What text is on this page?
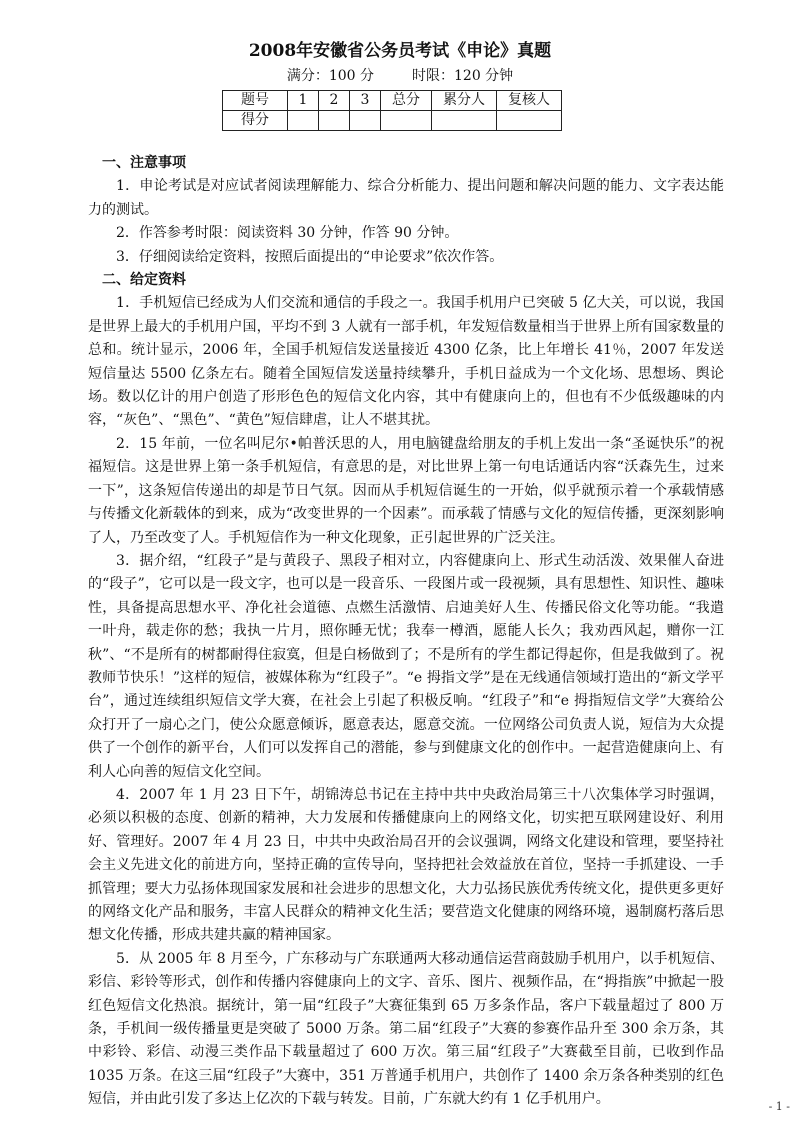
2008年安徽省公务员考试《申论》真题
满分：100 分	时限：120 分钟
题号	1	2	3	总分	累分人	复核人
得分						
一、注意事项

1．申论考试是对应试者阅读理解能力、综合分析能力、提出问题和解决问题的能力、文字表达能力的测试。

2．作答参考时限：阅读资料 30 分钟，作答 90 分钟。

3．仔细阅读给定资料，按照后面提出的“申论要求”依次作答。

二、给定资料

1．手机短信已经成为人们交流和通信的手段之一。我国手机用户已突破 5 亿大关，可以说，我国是世界上最大的手机用户国，平均不到 3 人就有一部手机，年发短信数量相当于世界上所有国家数量的总和。统计显示，2006 年，全国手机短信发送量接近 4300 亿条，比上年增长 41％，2007 年发送短信量达 5500 亿条左右。随着全国短信发送量持续攀升，手机日益成为一个文化场、思想场、舆论场。数以亿计的用户创造了形形色色的短信文化内容，其中有健康向上的，但也有不少低级趣味的内容，“灰色”、“黑色”、“黄色”短信肆虐，让人不堪其扰。

2．15 年前，一位名叫尼尔•帕普沃思的人，用电脑键盘给朋友的手机上发出一条“圣诞快乐”的祝福短信。这是世界上第一条手机短信，有意思的是，对比世界上第一句电话通话内容“沃森先生，过来一下”，这条短信传递出的却是节日气氛。因而从手机短信诞生的一开始，似乎就预示着一个承载情感与传播文化新载体的到来，成为“改变世界的一个因素”。而承载了情感与文化的短信传播，更深刻影响了人，乃至改变了人。手机短信作为一种文化现象，正引起世界的广泛关注。

3．据介绍，“红段子”是与黄段子、黑段子相对立，内容健康向上、形式生动活泼、效果催人奋进的“段子”，它可以是一段文字，也可以是一段音乐、一段图片或一段视频，具有思想性、知识性、趣味性，具备提高思想水平、净化社会道德、点燃生活激情、启迪美好人生、传播民俗文化等功能。“我遣一叶舟，载走你的愁；我执一片月，照你睡无忧；我奉一樽酒，愿能人长久；我劝西风起，赠你一江秋”、“不是所有的树都耐得住寂寞，但是白杨做到了；不是所有的学生都记得起你，但是我做到了。祝教师节快乐！”这样的短信，被媒体称为“红段子”。“e 拇指文学”是在无线通信领域打造出的“新文学平台”，通过连续组织短信文学大赛，在社会上引起了积极反响。“红段子”和“e 拇指短信文学”大赛给公众打开了一扇心之门，使公众愿意倾诉，愿意表达，愿意交流。一位网络公司负责人说，短信为大众提供了一个创作的新平台，人们可以发挥自己的潜能，参与到健康文化的创作中。一起营造健康向上、有利人心向善的短信文化空间。

4．2007 年 1 月 23 日下午，胡锦涛总书记在主持中共中央政治局第三十八次集体学习时强调，必须以积极的态度、创新的精神，大力发展和传播健康向上的网络文化，切实把互联网建设好、利用好、管理好。2007 年 4 月 23 日，中共中央政治局召开的会议强调，网络文化建设和管理，要坚持社会主义先进文化的前进方向，坚持正确的宣传导向，坚持把社会效益放在首位，坚持一手抓建设、一手抓管理；要大力弘扬体现国家发展和社会进步的思想文化，大力弘扬民族优秀传统文化，提供更多更好的网络文化产品和服务，丰富人民群众的精神文化生活；要营造文化健康的网络环境，遏制腐朽落后思想文化传播，形成共建共赢的精神国家。

5．从 2005 年 8 月至今，广东移动与广东联通两大移动通信运营商鼓励手机用户，以手机短信、彩信、彩铃等形式，创作和传播内容健康向上的文字、音乐、图片、视频作品，在“拇指族”中掀起一股红色短信文化热浪。据统计，第一届“红段子”大赛征集到 65 万多条作品，客户下载量超过了 800 万条，手机间一级传播量更是突破了 5000 万条。第二届“红段子”大赛的参赛作品升至 300 余万条，其中彩铃、彩信、动漫三类作品下载量超过了 600 万次。第三届“红段子”大赛截至目前，已收到作品 1035 万条。在这三届“红段子”大赛中，351 万普通手机用户，共创作了 1400 余万条各种类别的红色短信，并由此引发了多达上亿次的下载与转发。目前，广东就大约有 1 亿手机用户。	- 1 -
